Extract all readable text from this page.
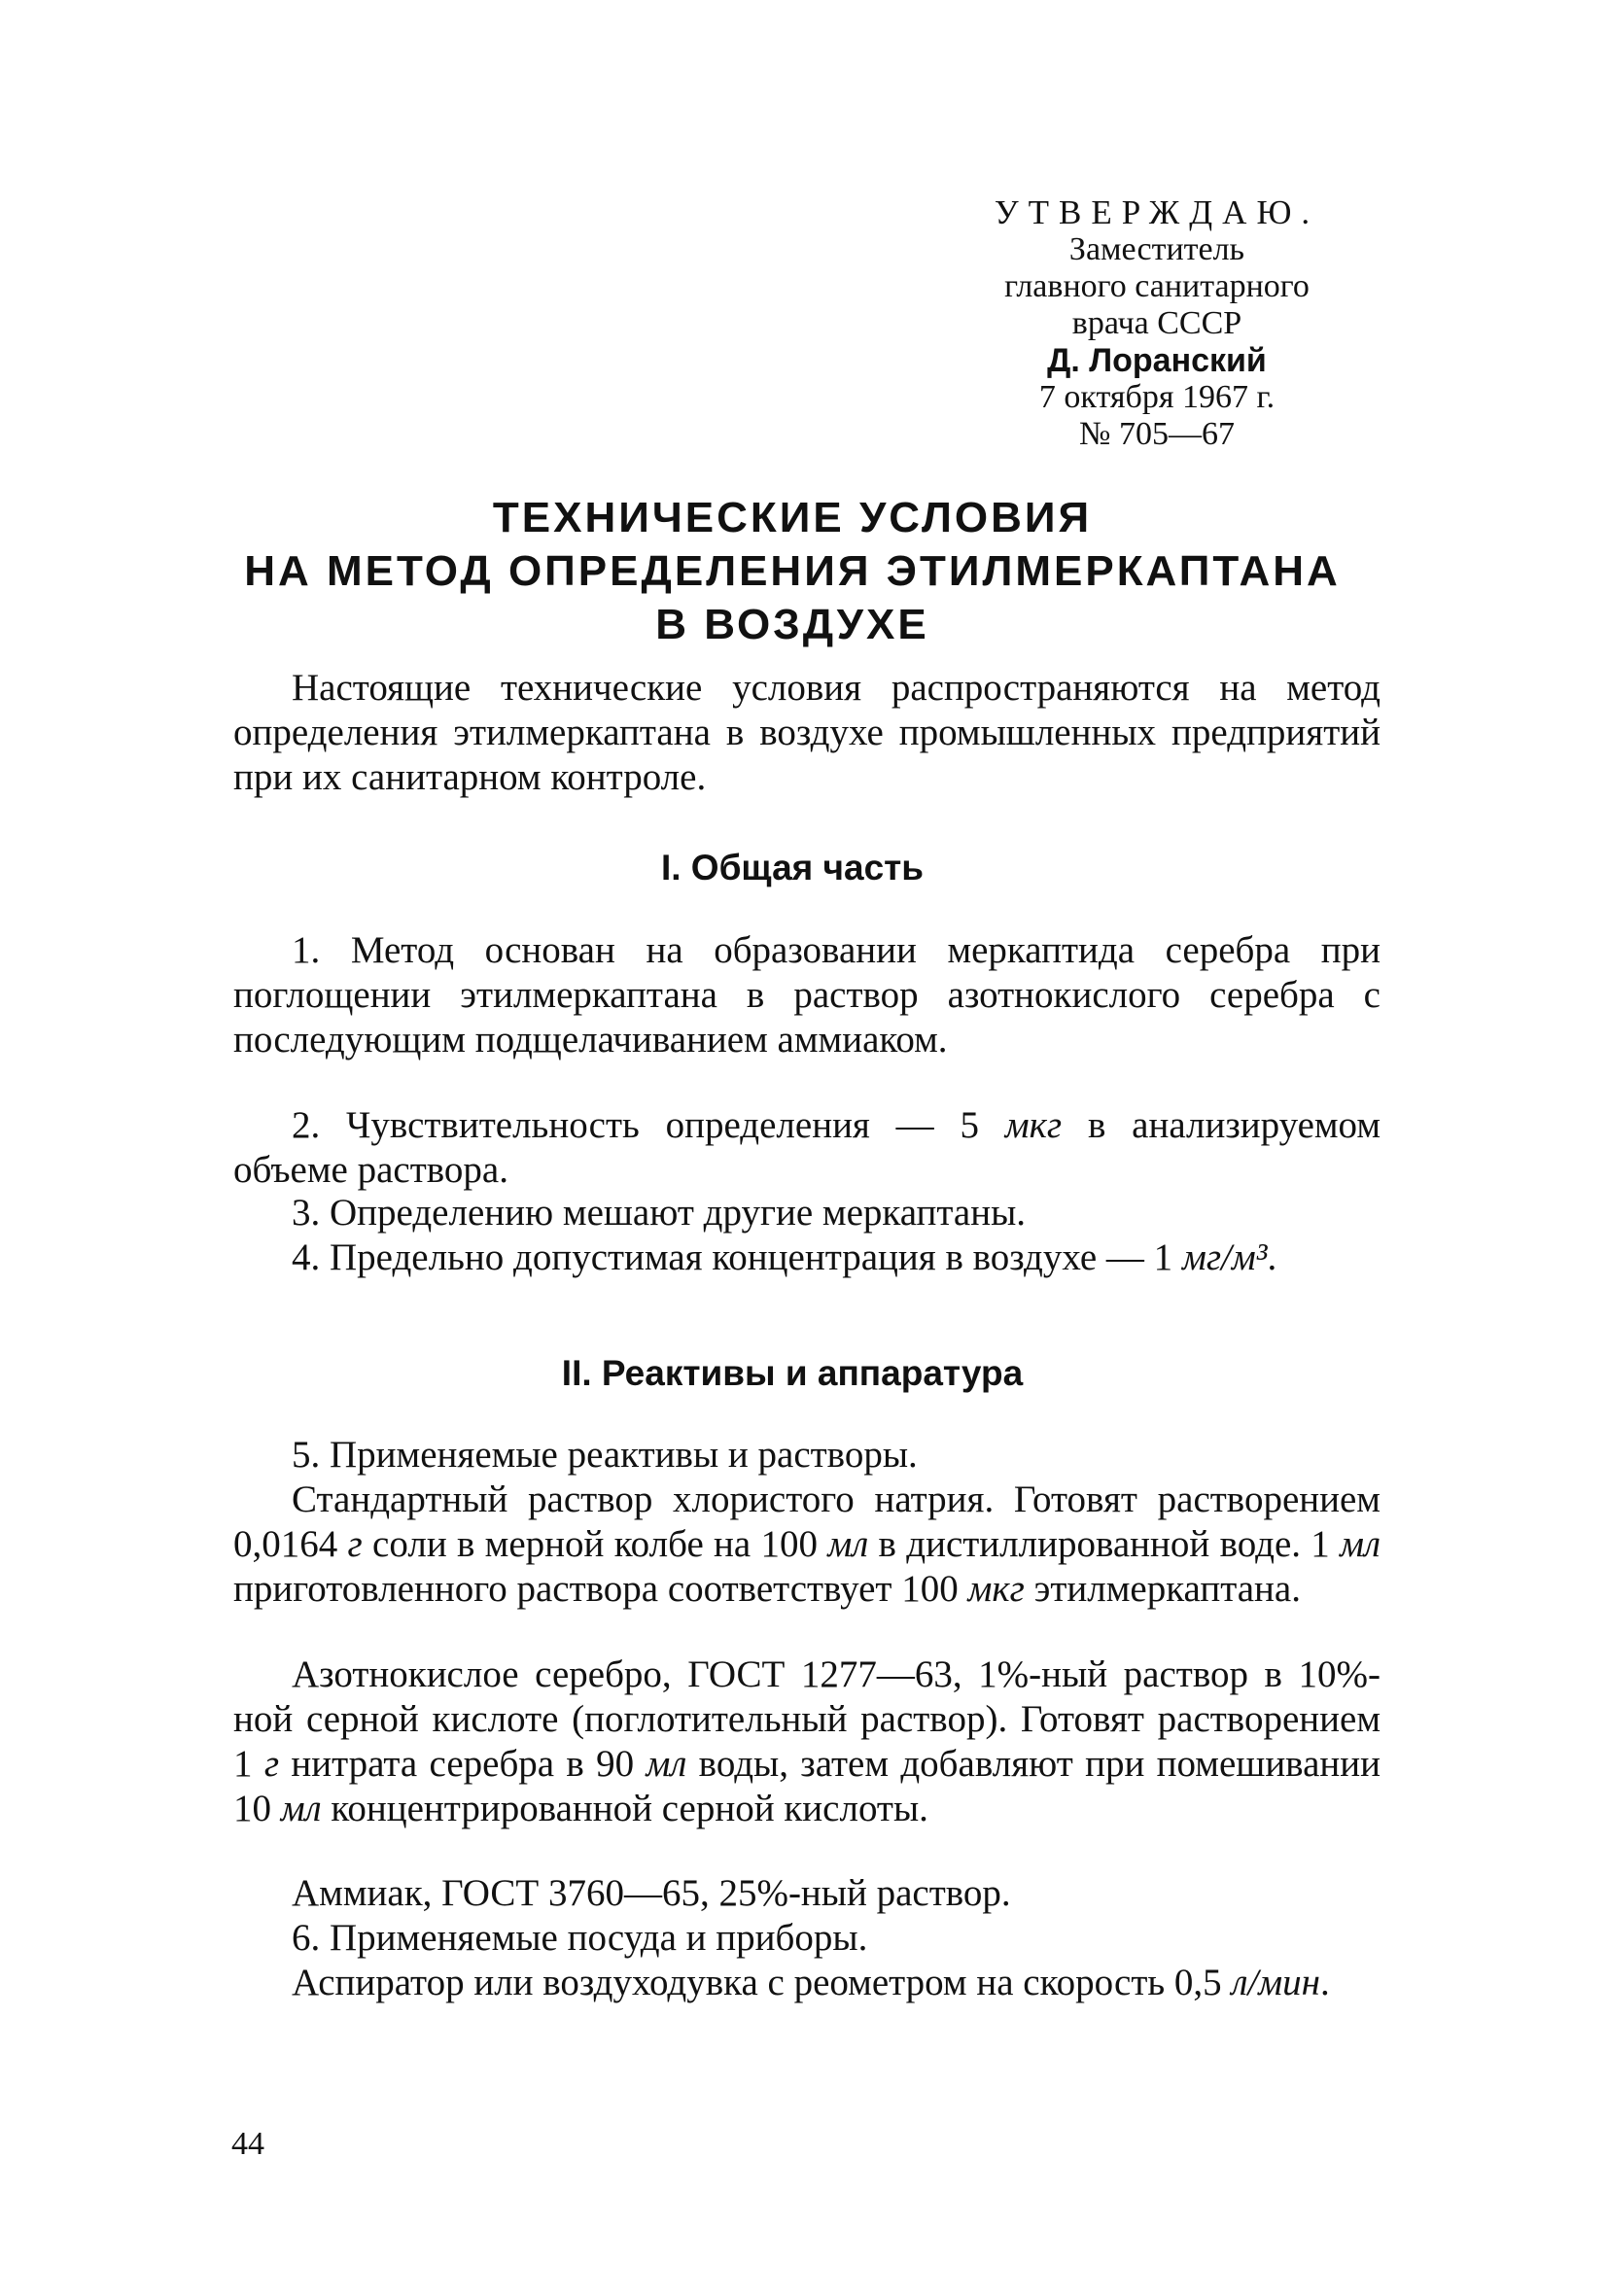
УТВЕРЖДАЮ.
Заместитель
главного санитарного
врача СССР
Д. Лоранский
7 октября 1967 г.
№ 705—67
ТЕХНИЧЕСКИЕ УСЛОВИЯ
НА МЕТОД ОПРЕДЕЛЕНИЯ ЭТИЛМЕРКАПТАНА
В ВОЗДУХЕ
Настоящие технические условия распространяются на метод определения этилмеркаптана в воздухе промышленных предприятий при их санитарном контроле.
I. Общая часть
1. Метод основан на образовании меркаптида серебра при поглощении этилмеркаптана в раствор азотнокислого серебра с последующим подщелачиванием аммиаком.
2. Чувствительность определения — 5 мкг в анализируемом объеме раствора.
3. Определению мешают другие меркаптаны.
4. Предельно допустимая концентрация в воздухе — 1 мг/м³.
II. Реактивы и аппаратура
5. Применяемые реактивы и растворы.
Стандартный раствор хлористого натрия. Готовят растворением 0,0164 г соли в мерной колбе на 100 мл в дистиллированной воде. 1 мл приготовленного раствора соответствует 100 мкг этилмеркаптана.
Азотнокислое серебро, ГОСТ 1277—63, 1%-ный раствор в 10%-ной серной кислоте (поглотительный раствор). Готовят растворением 1 г нитрата серебра в 90 мл воды, затем добавляют при помешивании 10 мл концентрированной серной кислоты.
Аммиак, ГОСТ 3760—65, 25%-ный раствор.
6. Применяемые посуда и приборы.
Аспиратор или воздуходувка с реометром на скорость 0,5 л/мин.
44
